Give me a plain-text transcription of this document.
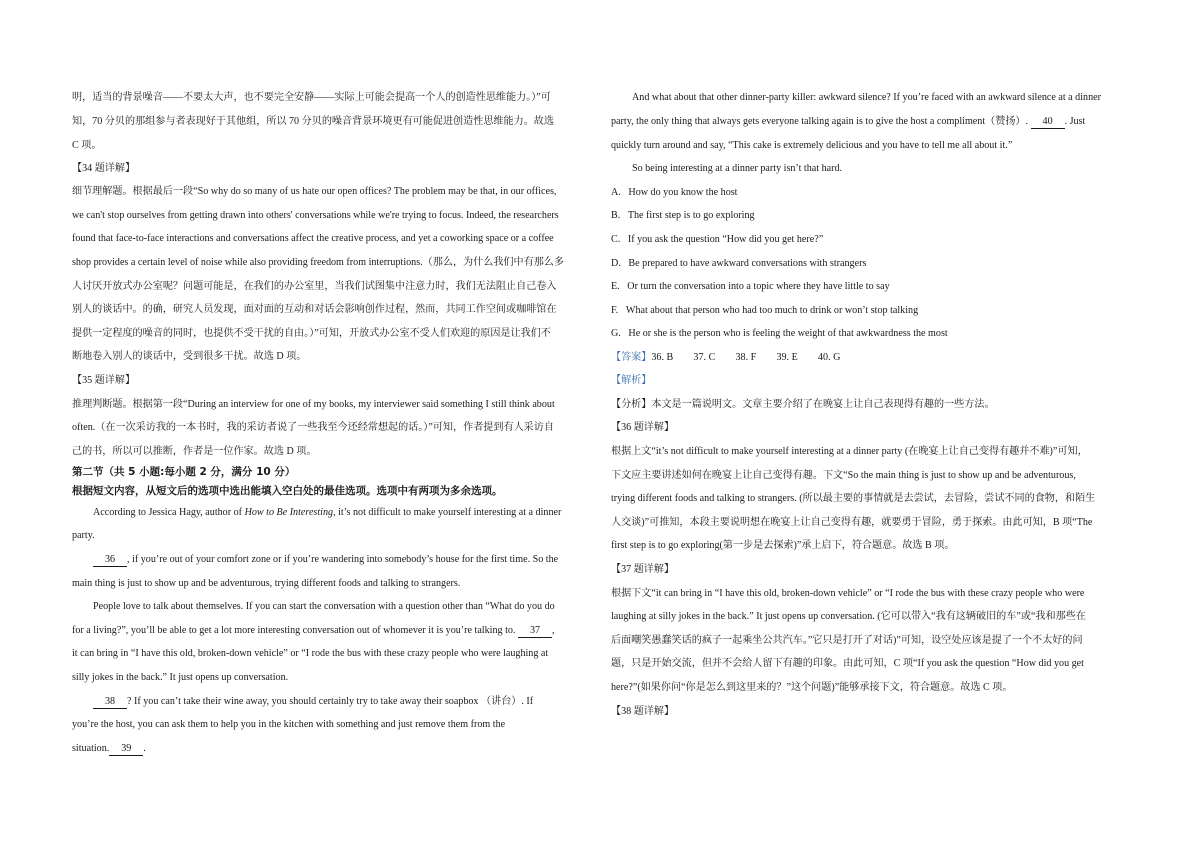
明，适当的背景噪音——不要太大声，也不要完全安静——实际上可能会提高一个人的创造性思维能力。）”可
知，70 分贝的那组参与者表现好于其他组，所以 70 分贝的噪音背景环境更有可能促进创造性思维能力。故选
C 项。
【34 题详解】
细节理解题。根据最后一段“So why do so many of us hate our open offices? The problem may be that, in our offices,
we can't stop ourselves from getting drawn into others' conversations while we're trying to focus. Indeed, the researchers
found that face-to-face interactions and conversations affect the creative process, and yet a coworking space or a coffee
shop provides a certain level of noise while also providing freedom from interruptions.（那么，为什么我们中有那么多
人讨厌开放式办公室呢？问题可能是，在我们的办公室里，当我们试图集中注意力时，我们无法阻止自己卷入
别人的谈话中。的确，研究人员发现，面对面的互动和对话会影响创作过程，然而，共同工作空间或咖啡馆在
提供一定程度的噪音的同时，也提供不受干扰的自由。）”可知，开放式办公室不受人们欢迎的原因是让我们不
断地卷入别人的谈话中，受到很多干扰。故选 D 项。
【35 题详解】
推理判断题。根据第一段“During an interview for one of my books, my interviewer said something I still think about
often.（在一次采访我的一本书时，我的采访者说了一些我至今还经常想起的话。）”可知，作者提到有人采访自
己的书，所以可以推断，作者是一位作家。故选 D 项。
第二节（共 5 小题:每小题 2 分，满分 10 分）
根据短文内容，从短文后的选项中选出能填入空白处的最佳选项。选项中有两项为多余选项。
According to Jessica Hagy, author of How to Be Interesting, it’s not difficult to make yourself interesting at a dinner
party.
36 , if you’re out of your comfort zone or if you’re wandering into somebody’s house for the first time. So the
main thing is just to show up and be adventurous, trying different foods and talking to strangers.
People love to talk about themselves. If you can start the conversation with a question other than “What do you do
for a living?”, you’ll be able to get a lot more interesting conversation out of whomever it is you’re talking to. 37 ,
it can bring in “I have this old, broken-down vehicle” or “I rode the bus with these crazy people who were laughing at
silly jokes in the back.” It just opens up conversation.
38 ? If you can’t take their wine away, you should certainly try to take away their soapbox （讲台）. If
you’re the host, you can ask them to help you in the kitchen with something and just remove them from the
situation. 39 .
And what about that other dinner-party killer: awkward silence? If you’re faced with an awkward silence at a dinner
party, the only thing that always gets everyone talking again is to give the host a compliment（赞扬）. 40 . Just
quickly turn around and say, “This cake is extremely delicious and you have to tell me all about it.”
So being interesting at a dinner party isn’t that hard.
A. How do you know the host
B. The first step is to go exploring
C. If you ask the question “How did you get here?”
D. Be prepared to have awkward conversations with strangers
E. Or turn the conversation into a topic where they have little to say
F. What about that person who had too much to drink or won’t stop talking
G. He or she is the person who is feeling the weight of that awkwardness the most
【答案】36. B        37. C        38. F        39. E        40. G
【解析】
【分析】本文是一篇说明文。文章主要介绍了在晚宴上让自己表现得有趣的一些方法。
【36 题详解】
根据上文“it’s not difficult to make yourself interesting at a dinner party (在晚宴上让自己变得有趣并不难)”可知，
下文应主要讲述如何在晚宴上让自己变得有趣。下文“So the main thing is just to show up and be adventurous,
trying different foods and talking to strangers. (所以最主要的事情就是去尝试，去冒险，尝试不同的食物，和陌生
人交谈)”可推知，本段主要说明想在晚宴上让自己变得有趣，就要勇于冒险，勇于探索。由此可知，B 项“The
first step is to go exploring(第一步是去探索)”承上启下，符合题意。故选 B 项。
【37 题详解】
根据下文“it can bring in “I have this old, broken-down vehicle” or “I rode the bus with these crazy people who were
laughing at silly jokes in the back.” It just opens up conversation. (它可以带入“我有这辆破旧的车”或“我和那些在
后面嘲笑愚蠢笑话的疯子一起乘坐公共汽车。”它只是打开了对话)”可知，设空处应该是提了一个不太好的问
题，只是开始交流，但并不会给人留下有趣的印象。由此可知，C 项“If you ask the question “How did you get
here?”(如果你问“你是怎么到这里来的？”这个问题)”能够承接下文，符合题意。故选 C 项。
【38 题详解】
